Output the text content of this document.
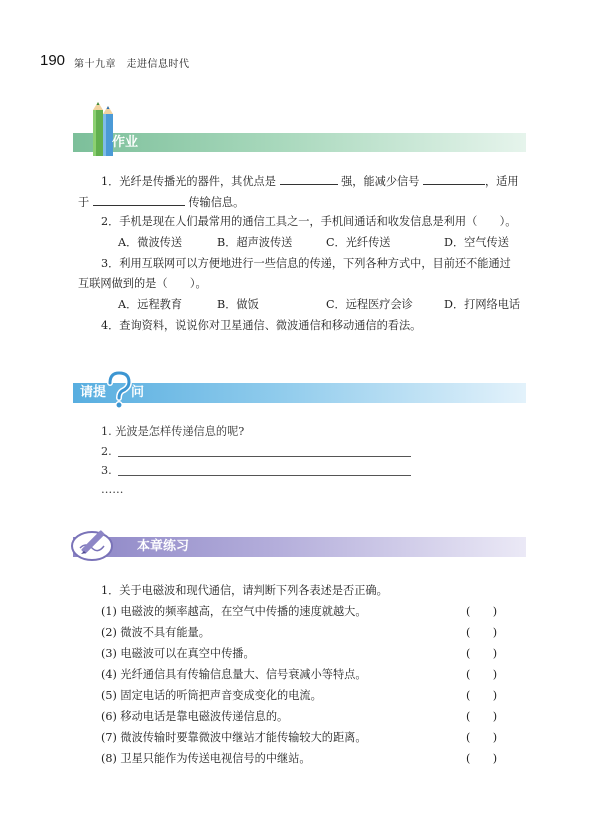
190 第十九章　走进信息时代
作业
1．光纤是传播光的器件，其优点是	强，能减少信号	，适用
于	传输信息。
2．手机是现在人们最常用的通信工具之一，手机间通话和收发信息是利用（　　）。
A．微波传送	B．超声波传送	C．光纤传送	D．空气传送
3．利用互联网可以方便地进行一些信息的传递，下列各种方式中，目前还不能通过
互联网做到的是（　　）。
A．远程教育	B．做饭	C．远程医疗会诊	D．打网络电话
4．查询资料，说说你对卫星通信、微波通信和移动通信的看法。
请提 问
1. 光波是怎样传递信息的呢?
2.
3.
……
本章练习
1．关于电磁波和现代通信，请判断下列各表述是否正确。
(1) 电磁波的频率越高，在空气中传播的速度就越大。	(　　)
(2) 微波不具有能量。	(　　)
(3) 电磁波可以在真空中传播。	(　　)
(4) 光纤通信具有传输信息量大、信号衰减小等特点。	(　　)
(5) 固定电话的听筒把声音变成变化的电流。	(　　)
(6) 移动电话是靠电磁波传递信息的。	(　　)
(7) 微波传输时要靠微波中继站才能传输较大的距离。	(　　)
(8) 卫星只能作为传送电视信号的中继站。	(　　)
